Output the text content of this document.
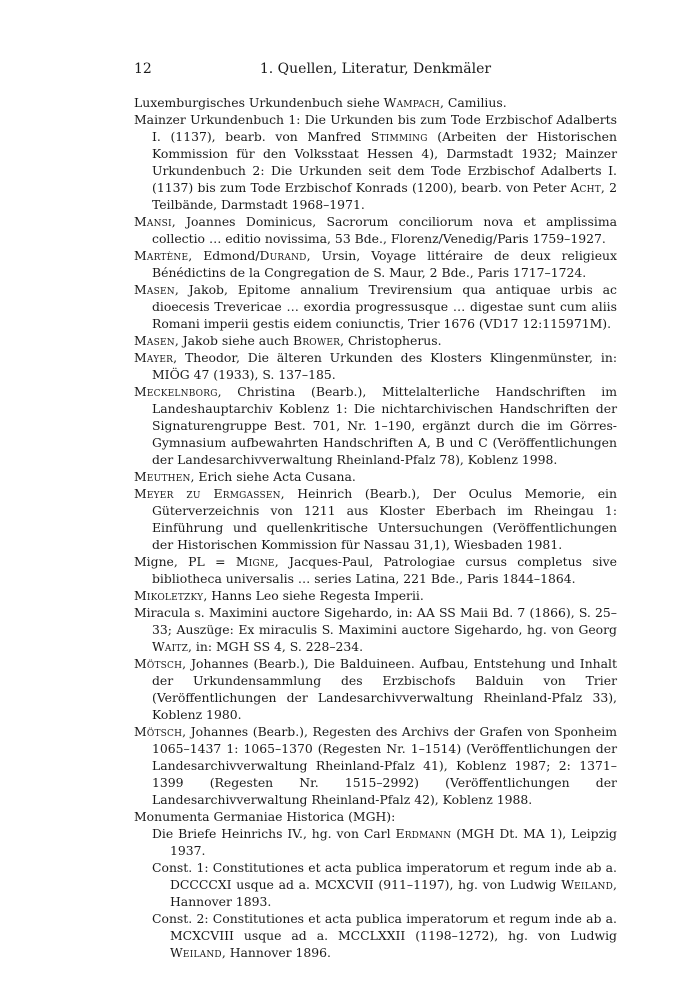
12	1. Quellen, Literatur, Denkmäler
Luxemburgisches Urkundenbuch siehe Wampach, Camilius.
Mainzer Urkundenbuch 1: Die Urkunden bis zum Tode Erzbischof Adalberts I. (1137), bearb. von Manfred Stimming (Arbeiten der Historischen Kommission für den Volksstaat Hessen 4), Darmstadt 1932; Mainzer Urkundenbuch 2: Die Urkunden seit dem Tode Erzbischof Adalberts I. (1137) bis zum Tode Erzbischof Konrads (1200), bearb. von Peter Acht, 2 Teilbände, Darmstadt 1968–1971.
Mansi, Joannes Dominicus, Sacrorum conciliorum nova et amplissima collectio … editio novissima, 53 Bde., Florenz/Venedig/Paris 1759–1927.
Martène, Edmond/Durand, Ursin, Voyage littéraire de deux religieux Bénédictins de la Congregation de S. Maur, 2 Bde., Paris 1717–1724.
Masen, Jakob, Epitome annalium Trevirensium qua antiquae urbis ac dioecesis Trevericae … exordia progressusque … digestae sunt cum aliis Romani imperii gestis eidem coniunctis, Trier 1676 (VD17 12:115971M).
Masen, Jakob siehe auch Brower, Christopherus.
Mayer, Theodor, Die älteren Urkunden des Klosters Klingenmünster, in: MIÖG 47 (1933), S. 137–185.
Meckelnborg, Christina (Bearb.), Mittelalterliche Handschriften im Landeshauptarchiv Koblenz 1: Die nichtarchivischen Handschriften der Signaturengruppe Best. 701, Nr. 1–190, ergänzt durch die im Görres-Gymnasium aufbewahrten Handschriften A, B und C (Veröffentlichungen der Landesarchivverwaltung Rheinland-Pfalz 78), Koblenz 1998.
Meuthen, Erich siehe Acta Cusana.
Meyer zu Ermgassen, Heinrich (Bearb.), Der Oculus Memorie, ein Güterverzeichnis von 1211 aus Kloster Eberbach im Rheingau 1: Einführung und quellenkritische Untersuchungen (Veröffentlichungen der Historischen Kommission für Nassau 31,1), Wiesbaden 1981.
Migne, PL = Migne, Jacques-Paul, Patrologiae cursus completus sive bibliotheca universalis … series Latina, 221 Bde., Paris 1844–1864.
Mikoletzky, Hanns Leo siehe Regesta Imperii.
Miracula s. Maximini auctore Sigehardo, in: AA SS Maii Bd. 7 (1866), S. 25–33; Auszüge: Ex miraculis S. Maximini auctore Sigehardo, hg. von Georg Waitz, in: MGH SS 4, S. 228–234.
Mötsch, Johannes (Bearb.), Die Balduineen. Aufbau, Entstehung und Inhalt der Urkundensammlung des Erzbischofs Balduin von Trier (Veröffentlichungen der Landesarchivverwaltung Rheinland-Pfalz 33), Koblenz 1980.
Mötsch, Johannes (Bearb.), Regesten des Archivs der Grafen von Sponheim 1065–1437 1: 1065–1370 (Regesten Nr. 1–1514) (Veröffentlichungen der Landesarchivverwaltung Rheinland-Pfalz 41), Koblenz 1987; 2: 1371–1399 (Regesten Nr. 1515–2992) (Veröffentlichungen der Landesarchivverwaltung Rheinland-Pfalz 42), Koblenz 1988.
Monumenta Germaniae Historica (MGH):
Die Briefe Heinrichs IV., hg. von Carl Erdmann (MGH Dt. MA 1), Leipzig 1937.
Const. 1: Constitutiones et acta publica imperatorum et regum inde ab a. DCCCCXI usque ad a. MCXCVII (911–1197), hg. von Ludwig Weiland, Hannover 1893.
Const. 2: Constitutiones et acta publica imperatorum et regum inde ab a. MCXCVIII usque ad a. MCCLXXII (1198–1272), hg. von Ludwig Weiland, Hannover 1896.
